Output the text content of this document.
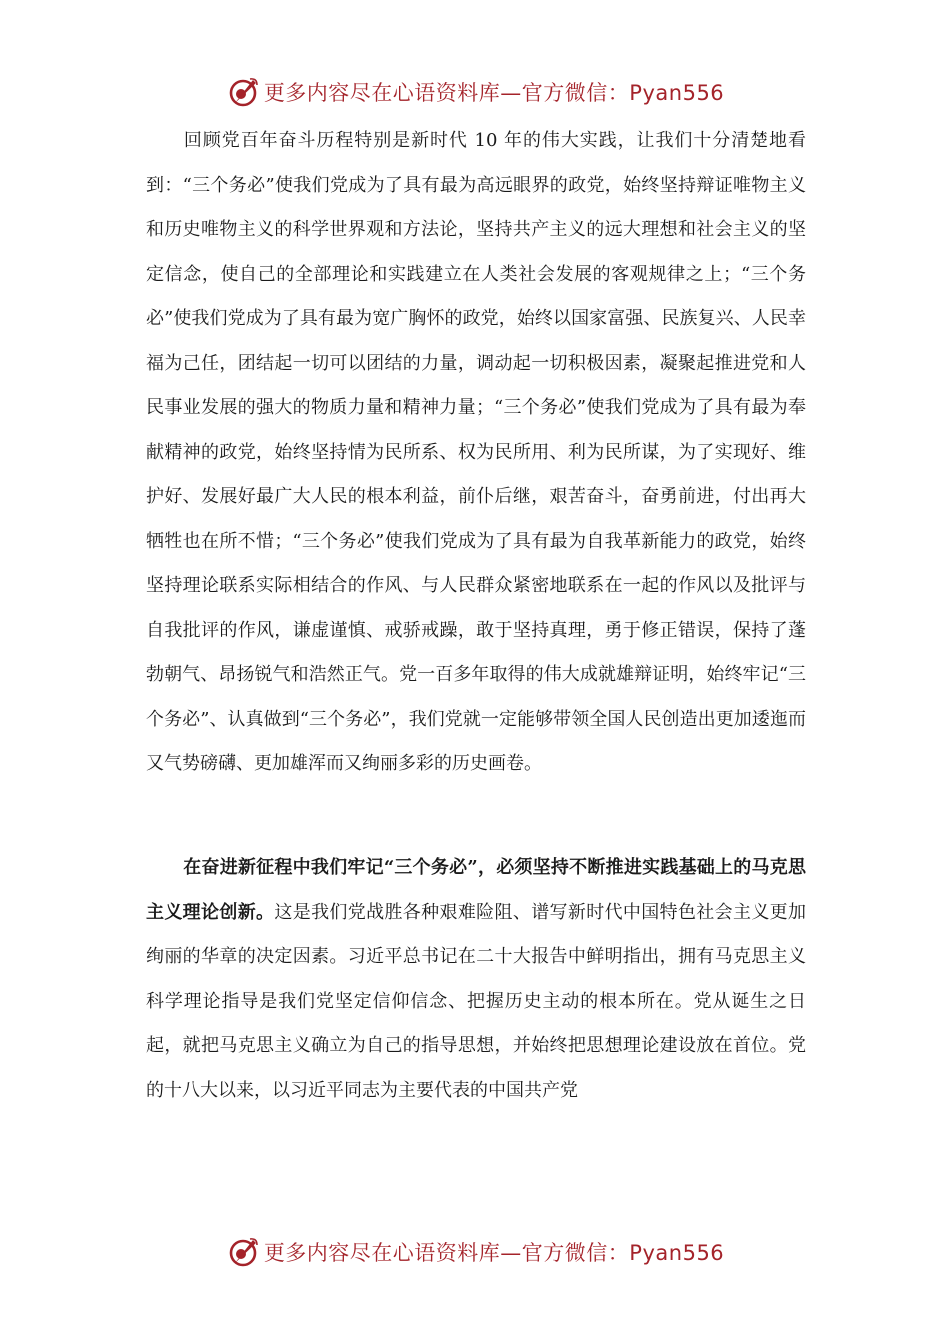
更多内容尽在心语资料库—官方微信：Pyan556

回顾党百年奋斗历程特别是新时代 10 年的伟大实践，让我们十分清楚地看到：“三个务必”使我们党成为了具有最为高远眼界的政党，始终坚持辩证唯物主义和历史唯物主义的科学世界观和方法论，坚持共产主义的远大理想和社会主义的坚定信念，使自己的全部理论和实践建立在人类社会发展的客观规律之上；“三个务必”使我们党成为了具有最为宽广胸怀的政党，始终以国家富强、民族复兴、人民幸福为己任，团结起一切可以团结的力量，调动起一切积极因素，凝聚起推进党和人民事业发展的强大的物质力量和精神力量；“三个务必”使我们党成为了具有最为奉献精神的政党，始终坚持情为民所系、权为民所用、利为民所谋，为了实现好、维护好、发展好最广大人民的根本利益，前仆后继，艰苦奋斗，奋勇前进，付出再大牺牲也在所不惜；“三个务必”使我们党成为了具有最为自我革新能力的政党，始终坚持理论联系实际相结合的作风、与人民群众紧密地联系在一起的作风以及批评与自我批评的作风，谦虚谨慎、戒骄戒躁，敢于坚持真理，勇于修正错误，保持了蓬勃朝气、昂扬锐气和浩然正气。党一百多年取得的伟大成就雄辩证明，始终牢记“三个务必”、认真做到“三个务必”，我们党就一定能够带领全国人民创造出更加逶迤而又气势磅礴、更加雄浑而又绚丽多彩的历史画卷。

在奋进新征程中我们牢记“三个务必”，必须坚持不断推进实践基础上的马克思主义理论创新。这是我们党战胜各种艰难险阻、谱写新时代中国特色社会主义更加绚丽的华章的决定因素。习近平总书记在二十大报告中鲜明指出，拥有马克思主义科学理论指导是我们党坚定信仰信念、把握历史主动的根本所在。党从诞生之日起，就把马克思主义确立为自己的指导思想，并始终把思想理论建设放在首位。党的十八大以来，以习近平同志为主要代表的中国共产党

更多内容尽在心语资料库—官方微信：Pyan556
